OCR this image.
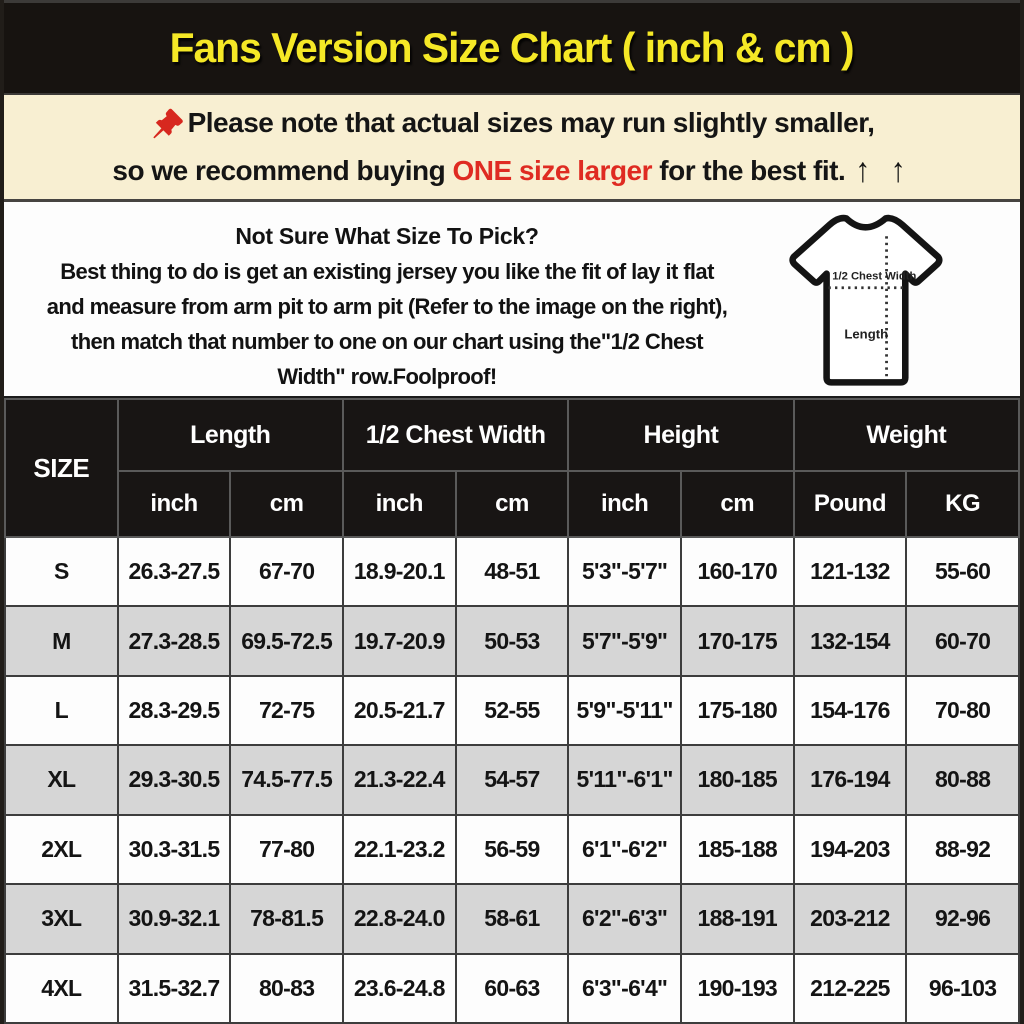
Fans Version Size Chart ( inch & cm )
Please note that actual sizes may run slightly smaller,
so we recommend buying ONE size larger for the best fit. ↑ ↑
Not Sure What Size To Pick?
Best thing to do is get an existing jersey you like the fit of lay it flat
and measure from arm pit to arm pit (Refer to the image on the right),
then match that number to one on our chart using the"1/2 Chest
Width" row.Foolproof!
1/2 Chest Width
Length
SIZE	Length		1/2 Chest Width		Height		Weight	
	inch	cm	inch	cm	inch	cm	Pound	KG
S	26.3-27.5	67-70	18.9-20.1	48-51	5'3"-5'7"	160-170	121-132	55-60
M	27.3-28.5	69.5-72.5	19.7-20.9	50-53	5'7"-5'9"	170-175	132-154	60-70
L	28.3-29.5	72-75	20.5-21.7	52-55	5'9"-5'11"	175-180	154-176	70-80
XL	29.3-30.5	74.5-77.5	21.3-22.4	54-57	5'11"-6'1"	180-185	176-194	80-88
2XL	30.3-31.5	77-80	22.1-23.2	56-59	6'1"-6'2"	185-188	194-203	88-92
3XL	30.9-32.1	78-81.5	22.8-24.0	58-61	6'2"-6'3"	188-191	203-212	92-96
4XL	31.5-32.7	80-83	23.6-24.8	60-63	6'3"-6'4"	190-193	212-225	96-103
